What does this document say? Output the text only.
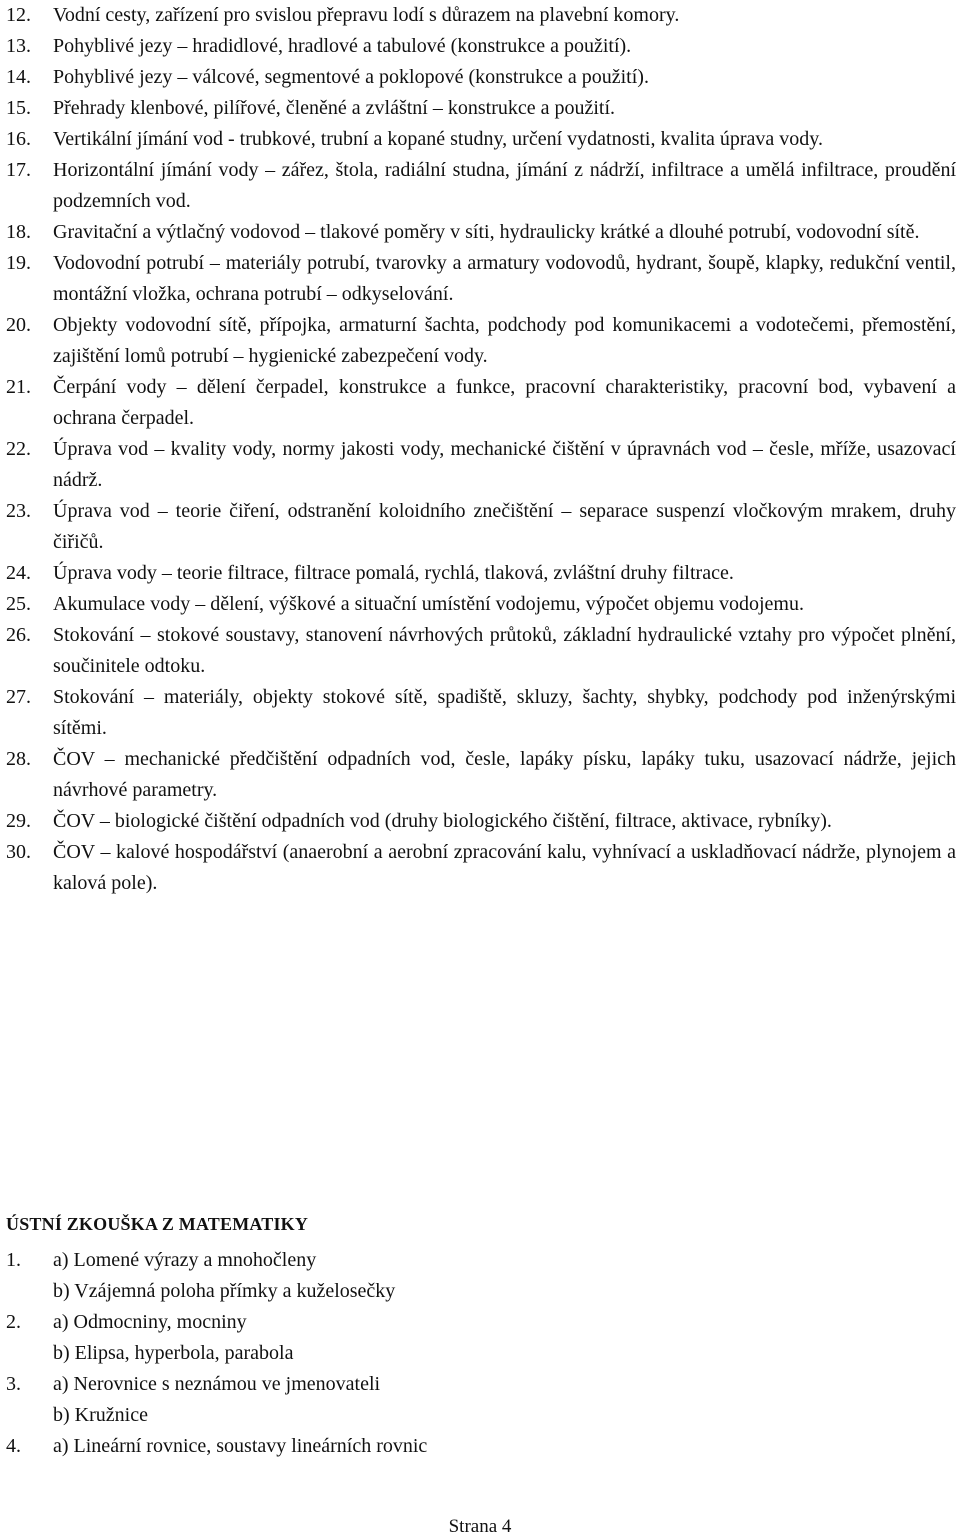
12.	Vodní cesty, zařízení pro svislou přepravu lodí s důrazem na plavební komory.
13.	Pohyblivé jezy – hradidlové, hradlové a tabulové (konstrukce a použití).
14.	Pohyblivé jezy – válcové, segmentové a poklopové (konstrukce a použití).
15.	Přehrady klenbové, pilířové, členěné a zvláštní – konstrukce a použití.
16.	Vertikální jímání vod - trubkové, trubní a kopané studny, určení vydatnosti, kvalita úprava vody.
17.	Horizontální jímání vody – zářez, štola, radiální studna, jímání z nádrží, infiltrace a umělá infiltrace, proudění podzemních vod.
18.	Gravitační a výtlačný vodovod – tlakové poměry v síti, hydraulicky krátké a dlouhé potrubí, vodovodní sítě.
19.	Vodovodní potrubí – materiály potrubí, tvarovky a armatury vodovodů, hydrant, šoupě, klapky, redukční ventil, montážní vložka, ochrana potrubí – odkyselování.
20.	Objekty vodovodní sítě, přípojka, armaturní šachta, podchody pod komunikacemi a vodotečemi, přemostění, zajištění lomů potrubí – hygienické zabezpečení vody.
21.	Čerpání vody – dělení čerpadel, konstrukce a funkce, pracovní charakteristiky, pracovní bod, vybavení a ochrana čerpadel.
22.	Úprava vod – kvality vody, normy jakosti vody, mechanické čištění v úpravnách vod – česle, mříže, usazovací nádrž.
23.	Úprava vod – teorie čiření, odstranění koloidního znečištění – separace suspenzí vločkovým mrakem, druhy čiřičů.
24.	Úprava vody – teorie filtrace, filtrace pomalá, rychlá, tlaková, zvláštní druhy filtrace.
25.	Akumulace vody – dělení, výškové a situační umístění vodojemu, výpočet objemu vodojemu.
26.	Stokování – stokové soustavy, stanovení návrhových průtoků, základní hydraulické vztahy pro výpočet plnění, součinitele odtoku.
27.	Stokování – materiály, objekty stokové sítě, spadiště, skluzy, šachty, shybky, podchody pod inženýrskými sítěmi.
28.	ČOV – mechanické předčištění odpadních vod, česle, lapáky písku, lapáky tuku, usazovací nádrže, jejich návrhové parametry.
29.	ČOV – biologické čištění odpadních vod (druhy biologického čištění, filtrace, aktivace, rybníky).
30.	ČOV – kalové hospodářství (anaerobní a aerobní zpracování kalu, vyhnívací a uskladňovací nádrže, plynojem a kalová pole).
ÚSTNÍ ZKOUŠKA Z MATEMATIKY
1.	a) Lomené výrazy a mnohočleny
b) Vzájemná poloha přímky a kuželosečky
2.	a) Odmocniny, mocniny
b) Elipsa, hyperbola, parabola
3.	a) Nerovnice s neznámou ve jmenovateli
b) Kružnice
4.	a) Lineární rovnice, soustavy lineárních rovnic
Strana 4
